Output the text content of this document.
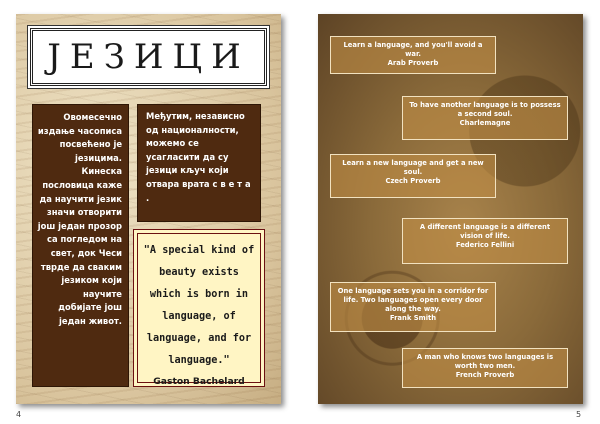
ЈЕЗИЦИ
Овомесечно издање часописа посвећено је језицима. Кинеска пословица каже да научити језик значи отворити још један прозор са погледом на свет, док Чеси тврде да сваким језиком који научите добијате још један живот.
Међутим, независно од националности, можемо се усагласити да су језици кључ који отвара врата с в е т а .

"A special kind of beauty exists which is born in language, of language, and for language."

Gaston Bachelard
4
Learn a language, and you'll avoid a war.
Arab Proverb
To have another language is to possess a second soul.
Charlemagne
Learn a new language and get a new soul.
Czech Proverb
A different language is a different vision of life.
Federico Fellini
One language sets you in a corridor for life. Two languages open every door along the way.
Frank Smith
A man who knows two languages is worth two men.
French Proverb
5
